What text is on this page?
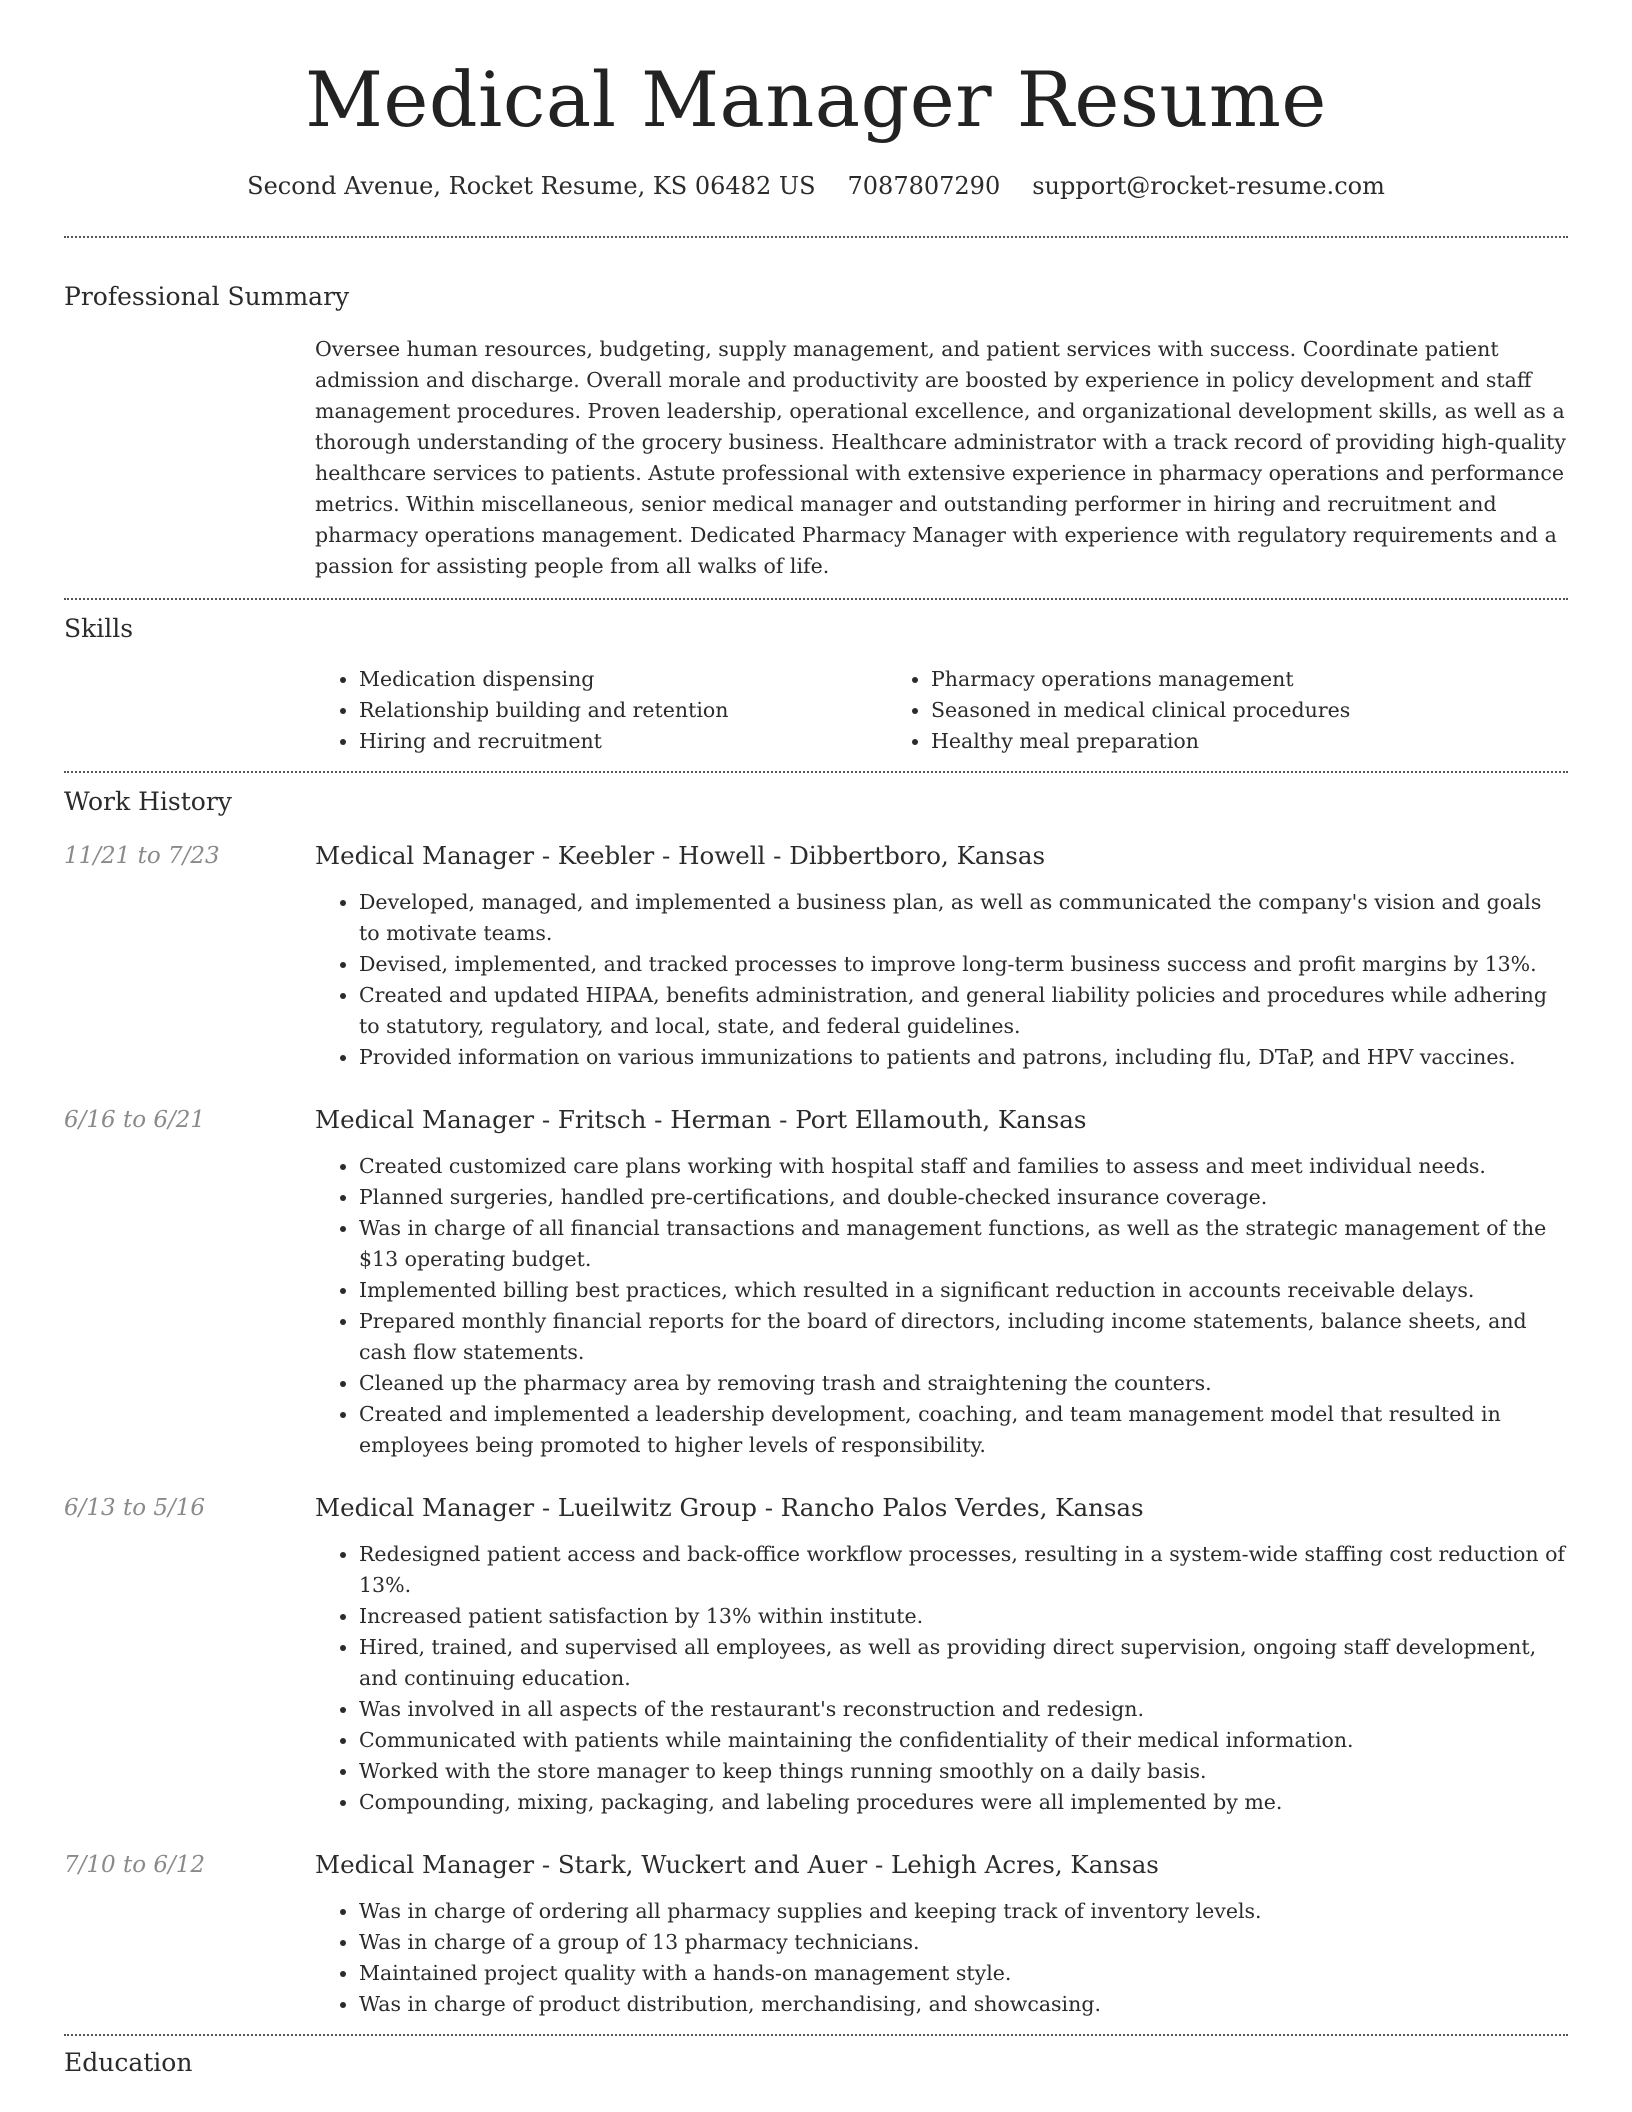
Medical Manager Resume
Second Avenue, Rocket Resume, KS 06482 US 7087807290 support@rocket-resume.com
Professional Summary

Oversee human resources, budgeting, supply management, and patient services with success. Coordinate patient admission and discharge. Overall morale and productivity are boosted by experience in policy development and staff management procedures. Proven leadership, operational excellence, and organizational development skills, as well as a thorough understanding of the grocery business. Healthcare administrator with a track record of providing high-quality healthcare services to patients. Astute professional with extensive experience in pharmacy operations and performance metrics. Within miscellaneous, senior medical manager and outstanding performer in hiring and recruitment and pharmacy operations management. Dedicated Pharmacy Manager with experience with regulatory requirements and a passion for assisting people from all walks of life.

Skills
• Medication dispensing
• Relationship building and retention
• Hiring and recruitment
• Pharmacy operations management
• Seasoned in medical clinical procedures
• Healthy meal preparation
Work History
11/21 to 7/23	Medical Manager - Keebler - Howell - Dibbertboro, Kansas
• Developed, managed, and implemented a business plan, as well as communicated the company's vision and goals to motivate teams.
• Devised, implemented, and tracked processes to improve long-term business success and profit margins by 13%.
• Created and updated HIPAA, benefits administration, and general liability policies and procedures while adhering to statutory, regulatory, and local, state, and federal guidelines.
• Provided information on various immunizations to patients and patrons, including flu, DTaP, and HPV vaccines.
6/16 to 6/21	Medical Manager - Fritsch - Herman - Port Ellamouth, Kansas
• Created customized care plans working with hospital staff and families to assess and meet individual needs.
• Planned surgeries, handled pre-certifications, and double-checked insurance coverage.
• Was in charge of all financial transactions and management functions, as well as the strategic management of the $13 operating budget.
• Implemented billing best practices, which resulted in a significant reduction in accounts receivable delays.
• Prepared monthly financial reports for the board of directors, including income statements, balance sheets, and cash flow statements.
• Cleaned up the pharmacy area by removing trash and straightening the counters.
• Created and implemented a leadership development, coaching, and team management model that resulted in employees being promoted to higher levels of responsibility.
6/13 to 5/16	Medical Manager - Lueilwitz Group - Rancho Palos Verdes, Kansas
• Redesigned patient access and back-office workflow processes, resulting in a system-wide staffing cost reduction of 13%.
• Increased patient satisfaction by 13% within institute.
• Hired, trained, and supervised all employees, as well as providing direct supervision, ongoing staff development, and continuing education.
• Was involved in all aspects of the restaurant's reconstruction and redesign.
• Communicated with patients while maintaining the confidentiality of their medical information.
• Worked with the store manager to keep things running smoothly on a daily basis.
• Compounding, mixing, packaging, and labeling procedures were all implemented by me.
7/10 to 6/12	Medical Manager - Stark, Wuckert and Auer - Lehigh Acres, Kansas
• Was in charge of ordering all pharmacy supplies and keeping track of inventory levels.
• Was in charge of a group of 13 pharmacy technicians.
• Maintained project quality with a hands-on management style.
• Was in charge of product distribution, merchandising, and showcasing.
Education
